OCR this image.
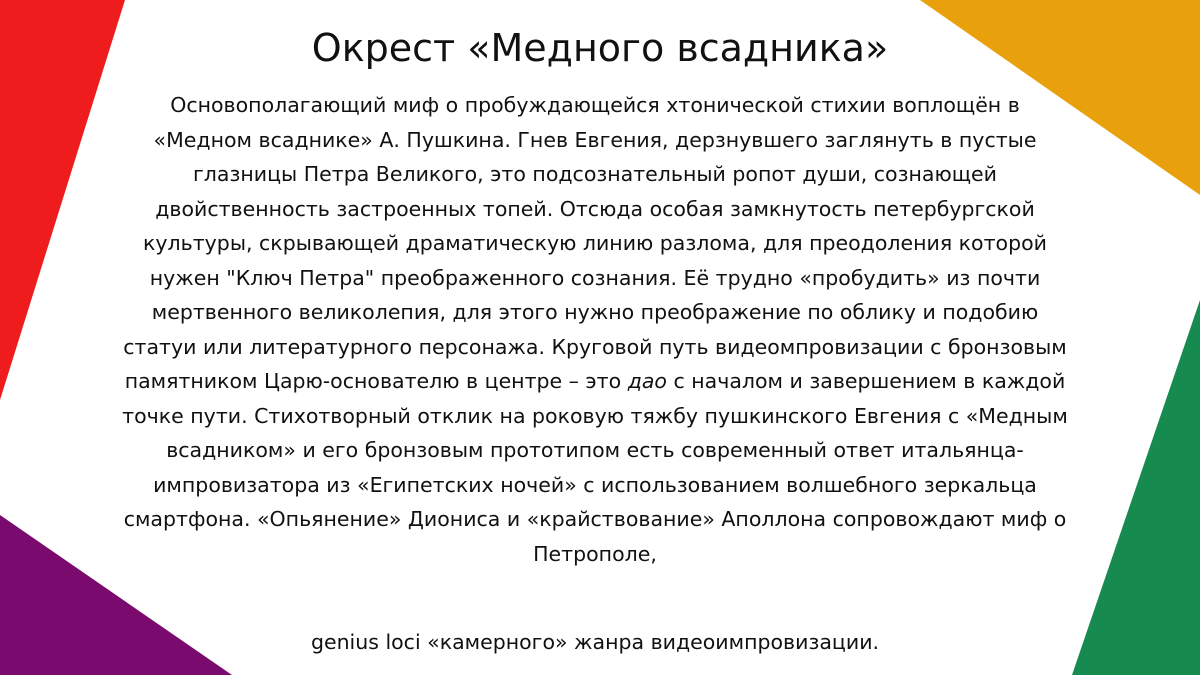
Окрест «Медного всадника»

Основополагающий миф о пробуждающейся хтонической стихии воплощён в «Медном всаднике» А. Пушкина. Гнев Евгения, дерзнувшего заглянуть в пустые глазницы Петра Великого, это подсознательный ропот души, сознающей двойственность застроенных топей. Отсюда особая замкнутость петербургской культуры, скрывающей драматическую линию разлома, для преодоления которой нужен "Ключ Петра" преображенного сознания. Её трудно «пробудить» из почти мертвенного великолепия, для этого нужно преображение по облику и подобию статуи или литературного персонажа. Круговой путь видеомпровизации с бронзовым памятником Царю-основателю в центре – это дао с началом и завершением в каждой точке пути. Стихотворный отклик на роковую тяжбу пушкинского Евгения с «Медным всадником» и его бронзовым прототипом есть современный ответ итальянца-импровизатора из «Египетских ночей» с использованием волшебного зеркальца смартфона. «Опьянение» Диониса и «крайствование» Аполлона сопровождают миф о Петрополе,

genius loci «камерного» жанра видеоимпровизации.
